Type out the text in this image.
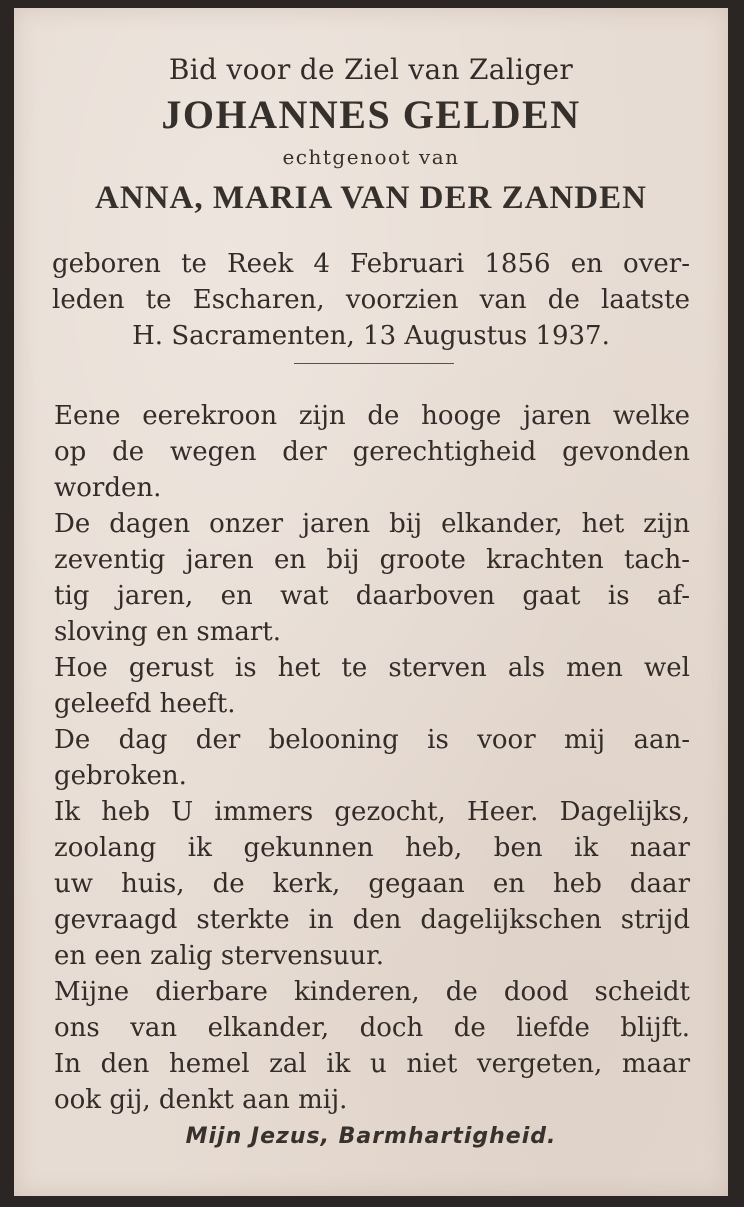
Bid voor de Ziel van Zaliger

JOHANNES GELDEN

echtgenoot van

ANNA, MARIA VAN DER ZANDEN

geboren te Reek 4 Februari 1856 en over-
leden te Escharen, voorzien van de laatste
H. Sacramenten, 13 Augustus 1937.
Eene eerekroon zijn de hooge jaren welke
op de wegen der gerechtigheid gevonden
worden.
De dagen onzer jaren bij elkander, het zijn
zeventig jaren en bij groote krachten tach-
tig jaren, en wat daarboven gaat is af-
sloving en smart.
Hoe gerust is het te sterven als men wel
geleefd heeft.
De dag der belooning is voor mij aan-
gebroken.
Ik heb U immers gezocht, Heer. Dagelijks,
zoolang ik gekunnen heb, ben ik naar
uw huis, de kerk, gegaan en heb daar
gevraagd sterkte in den dagelijkschen strijd
en een zalig stervensuur.
Mijne dierbare kinderen, de dood scheidt
ons van elkander, doch de liefde blijft.
In den hemel zal ik u niet vergeten, maar
ook gij, denkt aan mij.
Mijn Jezus, Barmhartigheid.
